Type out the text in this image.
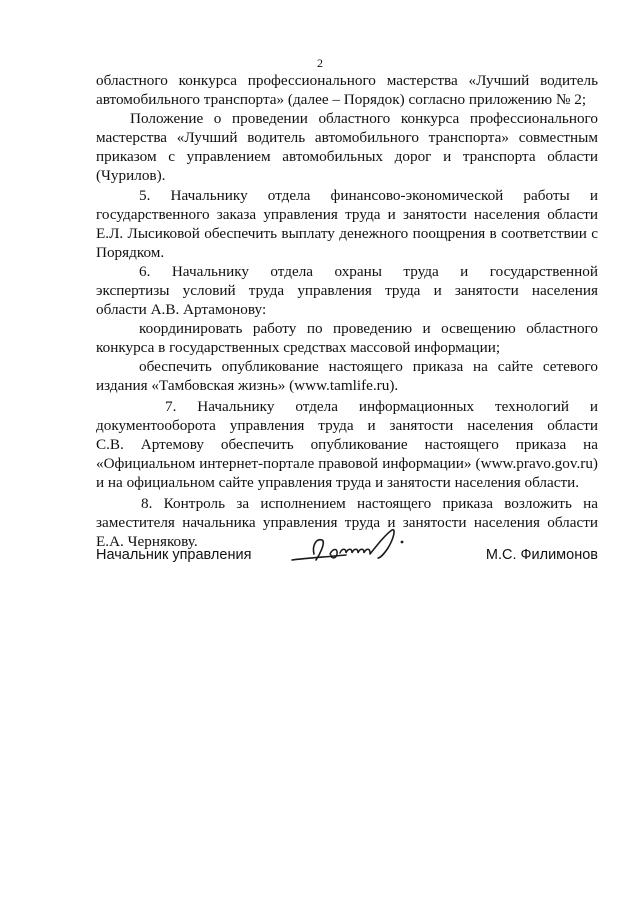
2
областного конкурса профессионального мастерства «Лучший водитель
автомобильного транспорта» (далее – Порядок) согласно приложению № 2;
Положение о проведении областного конкурса профессионального
мастерства «Лучший водитель автомобильного транспорта» совместным
приказом с управлением автомобильных дорог и транспорта области
(Чурилов).
5. Начальнику отдела финансово-экономической работы и
государственного заказа управления труда и занятости населения области
Е.Л. Лысиковой обеспечить выплату денежного поощрения в соответствии с
Порядком.
6. Начальнику отдела охраны труда и государственной
экспертизы условий труда управления труда и занятости населения
области А.В. Артамонову:
координировать работу по проведению и освещению областного
конкурса в государственных средствах массовой информации;
обеспечить опубликование настоящего приказа на сайте сетевого
издания «Тамбовская жизнь» (www.tamlife.ru).
7. Начальнику отдела информационных технологий и
документооборота управления труда и занятости населения области
С.В. Артемову обеспечить опубликование настоящего приказа на
«Официальном интернет-портале правовой информации» (www.pravo.gov.ru)
и на официальном сайте управления труда и занятости населения области.
8. Контроль за исполнением настоящего приказа возложить на
заместителя начальника управления труда и занятости населения области
Е.А. Чернякову.
Начальник управления	М.С. Филимонов
